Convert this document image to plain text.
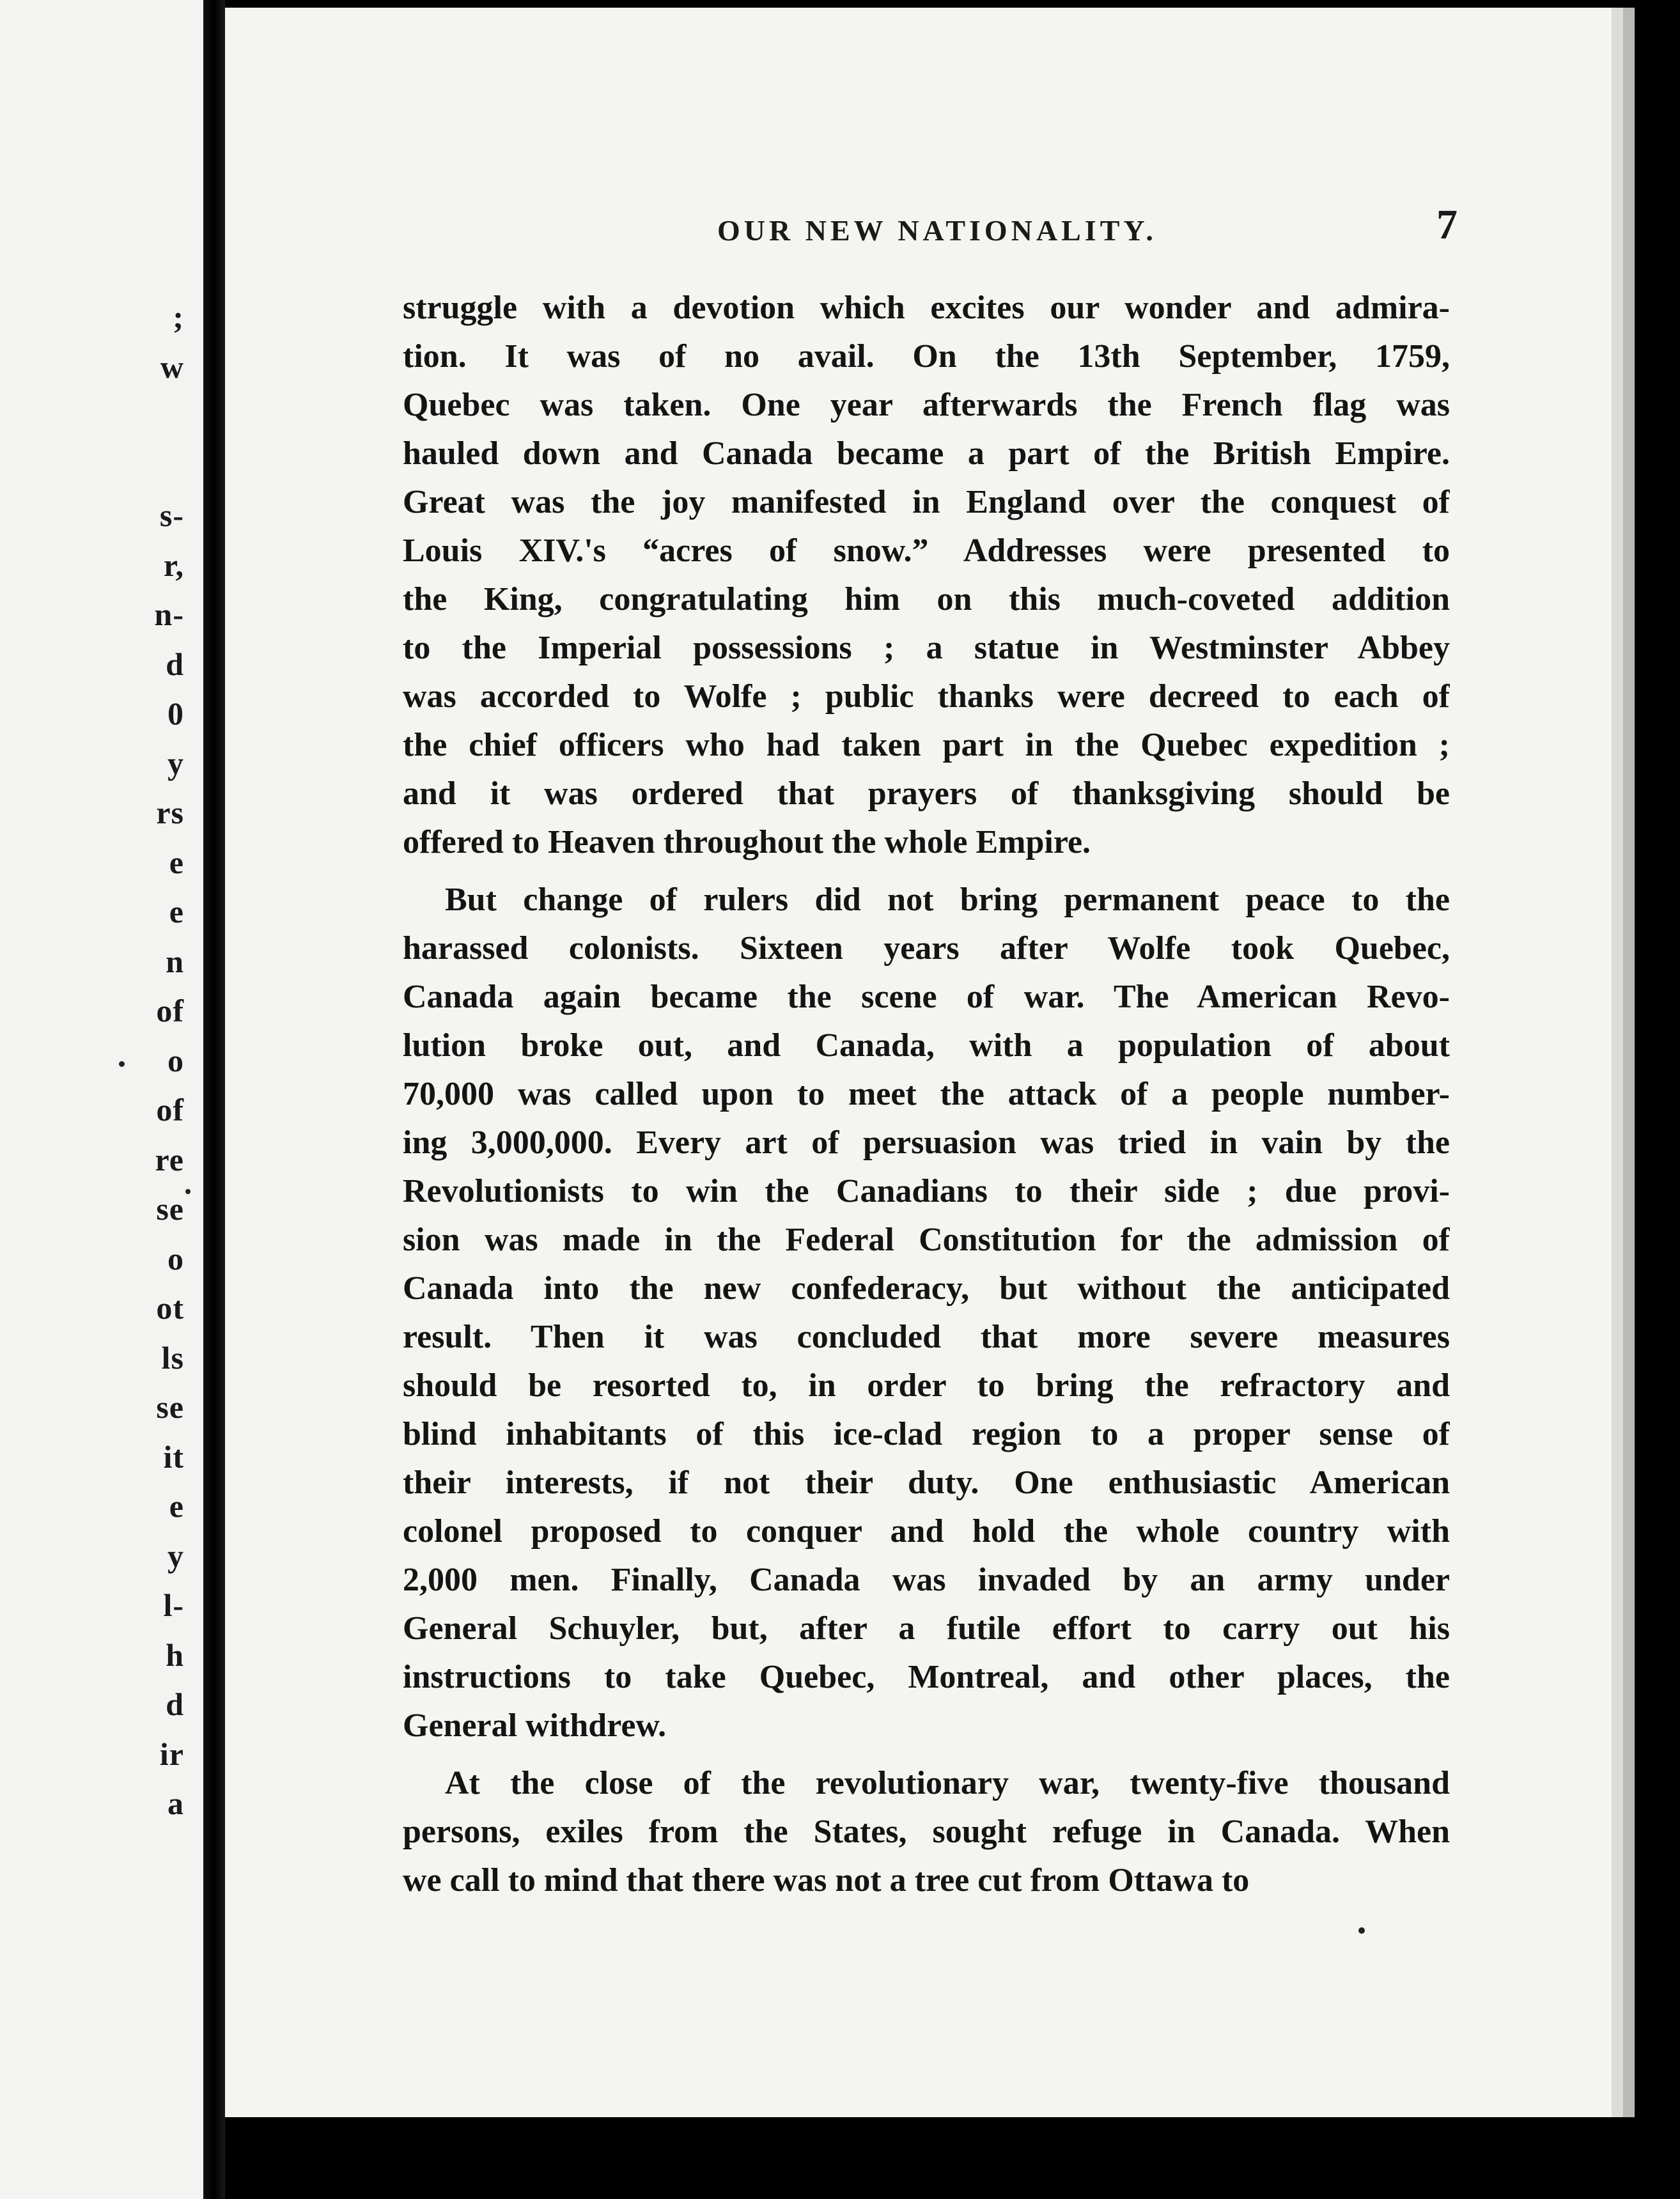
;
w
s-
r,
n-
d
0
y
rs
e
e
n
of
o
of
re
se
o
ot
ls
se
it
e
y
l-
h
d
ir
a
OUR NEW NATIONALITY.	7
struggle with a devotion which excites our wonder and admira-
tion. It was of no avail. On the 13th September, 1759,
Quebec was taken. One year afterwards the French flag was
hauled down and Canada became a part of the British Empire.
Great was the joy manifested in England over the conquest of
Louis XIV.'s “acres of snow.” Addresses were presented to
the King, congratulating him on this much-coveted addition
to the Imperial possessions ; a statue in Westminster Abbey
was accorded to Wolfe ; public thanks were decreed to each of
the chief officers who had taken part in the Quebec expedition ;
and it was ordered that prayers of thanksgiving should be
offered to Heaven throughout the whole Empire.
But change of rulers did not bring permanent peace to the
harassed colonists. Sixteen years after Wolfe took Quebec,
Canada again became the scene of war. The American Revo-
lution broke out, and Canada, with a population of about
70,000 was called upon to meet the attack of a people number-
ing 3,000,000. Every art of persuasion was tried in vain by the
Revolutionists to win the Canadians to their side ; due provi-
sion was made in the Federal Constitution for the admission of
Canada into the new confederacy, but without the anticipated
result. Then it was concluded that more severe measures
should be resorted to, in order to bring the refractory and
blind inhabitants of this ice-clad region to a proper sense of
their interests, if not their duty. One enthusiastic American
colonel proposed to conquer and hold the whole country with
2,000 men. Finally, Canada was invaded by an army under
General Schuyler, but, after a futile effort to carry out his
instructions to take Quebec, Montreal, and other places, the
General withdrew.
At the close of the revolutionary war, twenty-five thousand
persons, exiles from the States, sought refuge in Canada. When
we call to mind that there was not a tree cut from Ottawa to
